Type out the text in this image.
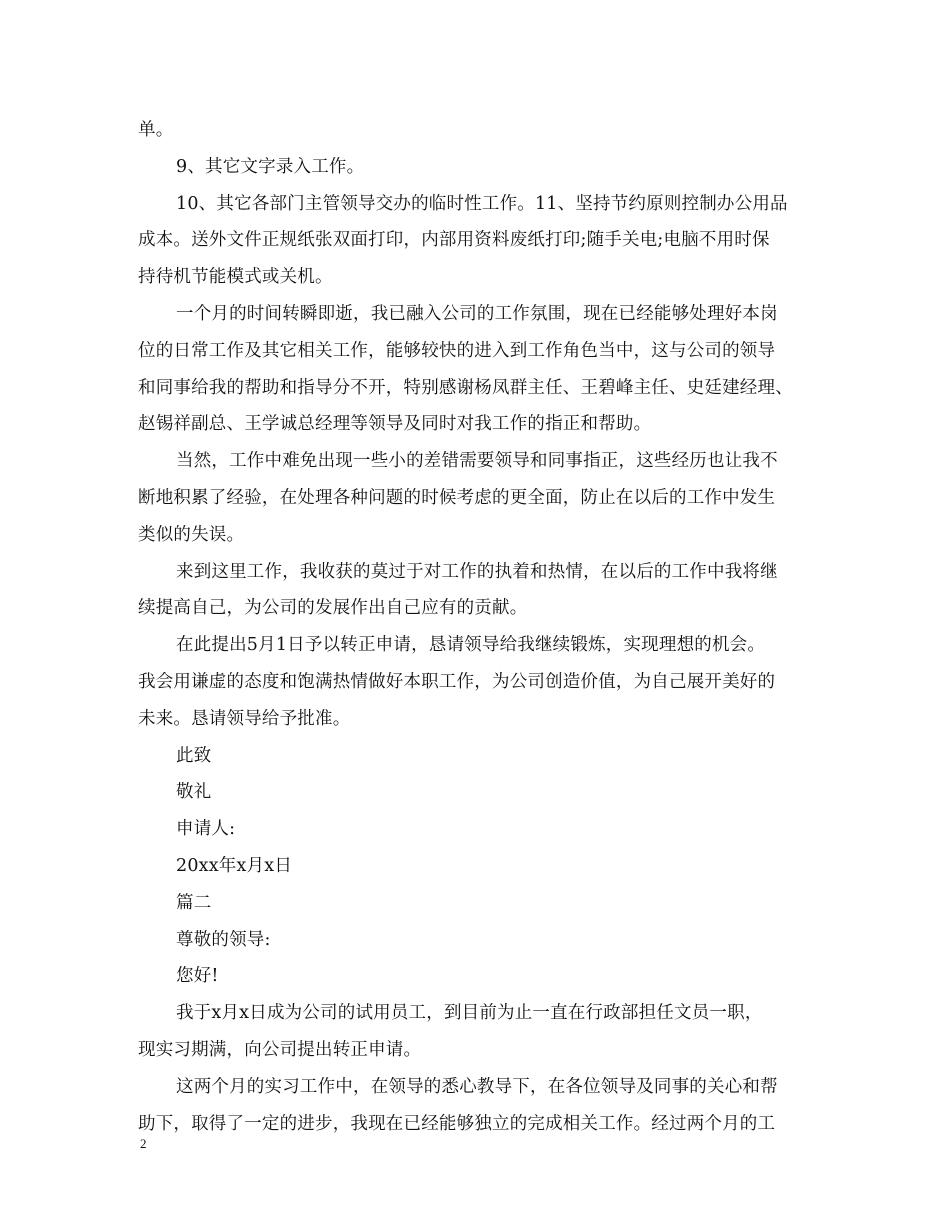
单。
9、其它文字录入工作。
10、其它各部门主管领导交办的临时性工作。11、坚持节约原则控制办公用品
成本。送外文件正规纸张双面打印，内部用资料废纸打印;随手关电;电脑不用时保
持待机节能模式或关机。
一个月的时间转瞬即逝，我已融入公司的工作氛围，现在已经能够处理好本岗
位的日常工作及其它相关工作，能够较快的进入到工作角色当中，这与公司的领导
和同事给我的帮助和指导分不开，特别感谢杨凤群主任、王碧峰主任、史廷建经理、
赵锡祥副总、王学诚总经理等领导及同时对我工作的指正和帮助。
当然，工作中难免出现一些小的差错需要领导和同事指正，这些经历也让我不
断地积累了经验，在处理各种问题的时候考虑的更全面，防止在以后的工作中发生
类似的失误。
来到这里工作，我收获的莫过于对工作的执着和热情，在以后的工作中我将继
续提高自己，为公司的发展作出自己应有的贡献。
在此提出5月1日予以转正申请，恳请领导给我继续锻炼，实现理想的机会。
我会用谦虚的态度和饱满热情做好本职工作，为公司创造价值，为自己展开美好的
未来。恳请领导给予批准。
此致
敬礼
申请人:
20xx年x月x日
篇二
尊敬的领导:
您好!
我于x月x日成为公司的试用员工，到目前为止一直在行政部担任文员一职，
现实习期满，向公司提出转正申请。
这两个月的实习工作中，在领导的悉心教导下，在各位领导及同事的关心和帮
助下，取得了一定的进步，我现在已经能够独立的完成相关工作。经过两个月的工
2
